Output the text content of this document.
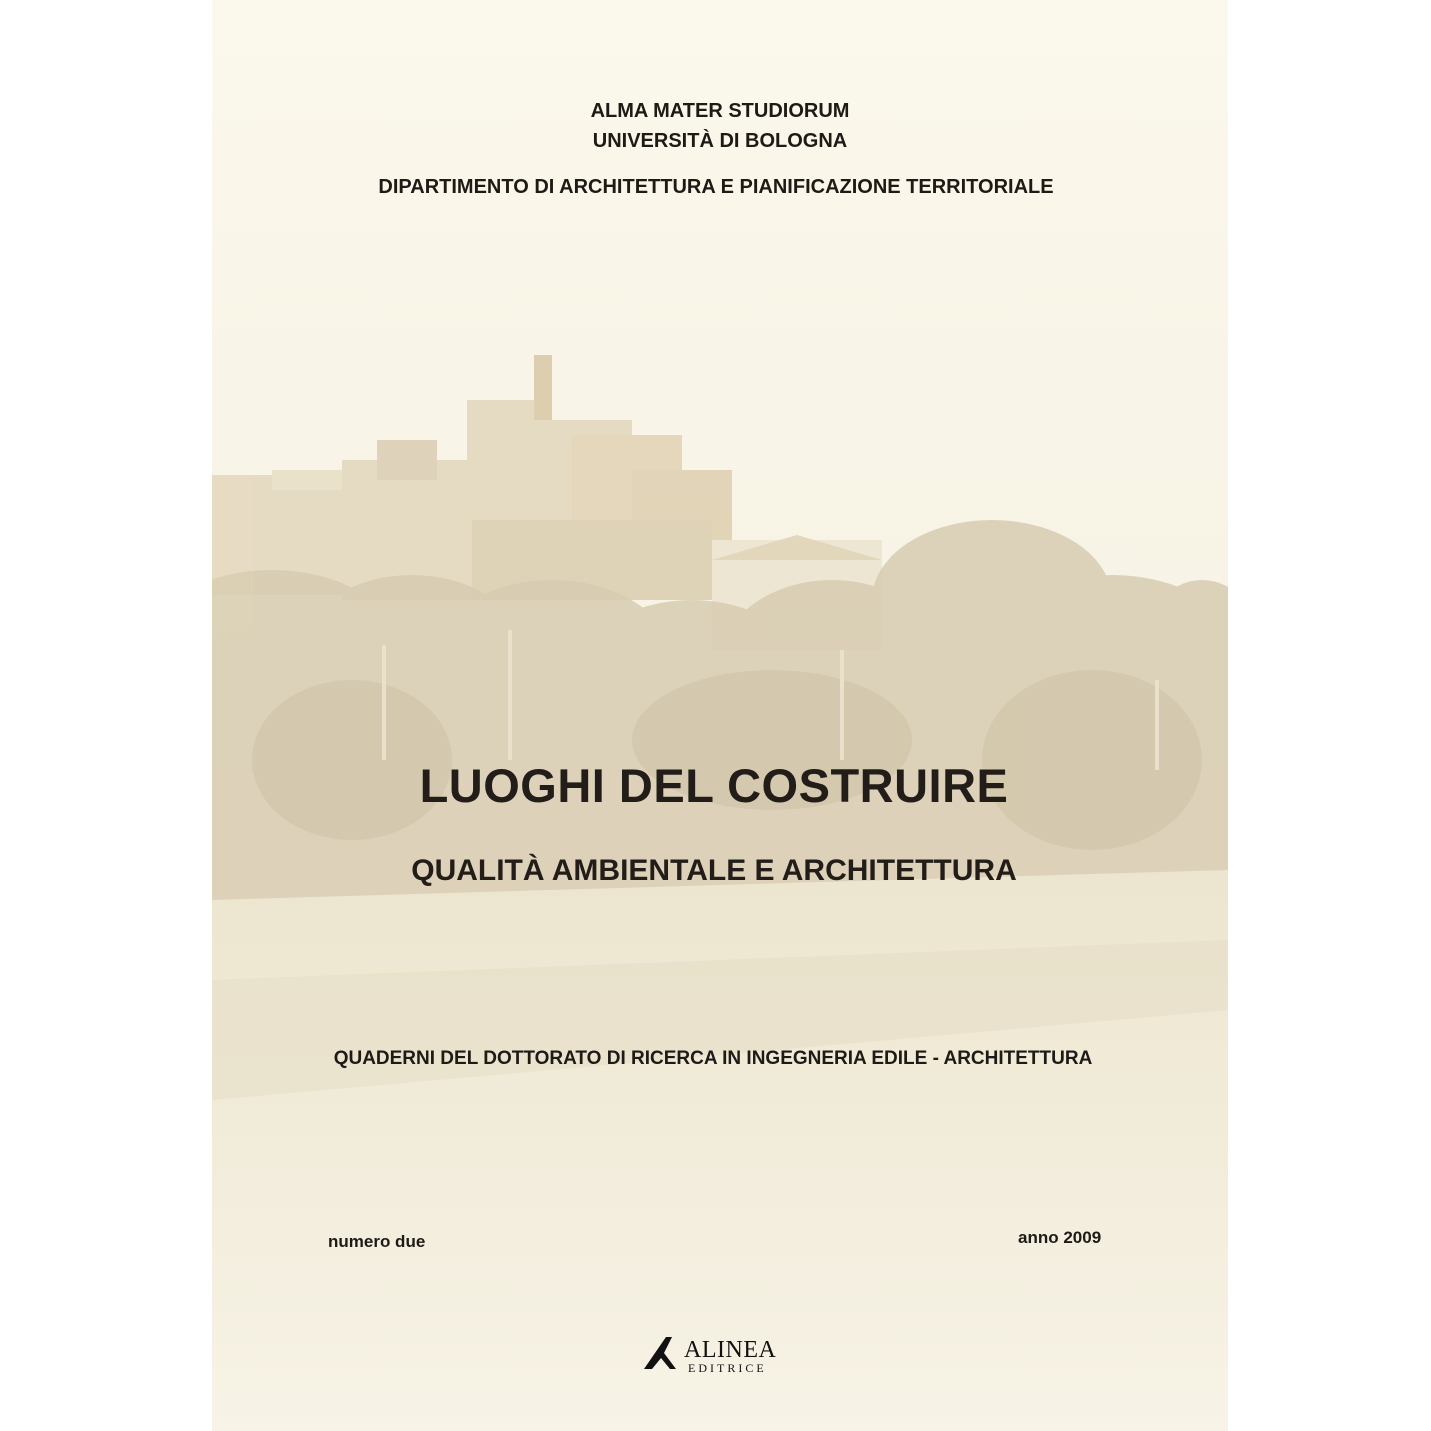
ALMA MATER STUDIORUM

UNIVERSITÀ DI BOLOGNA

DIPARTIMENTO DI ARCHITETTURA E PIANIFICAZIONE TERRITORIALE

LUOGHI DEL COSTRUIRE

QUALITÀ AMBIENTALE E ARCHITETTURA

QUADERNI DEL DOTTORATO DI RICERCA IN INGEGNERIA EDILE - ARCHITETTURA

numero due	anno 2009
ALINEA
EDITRICE
